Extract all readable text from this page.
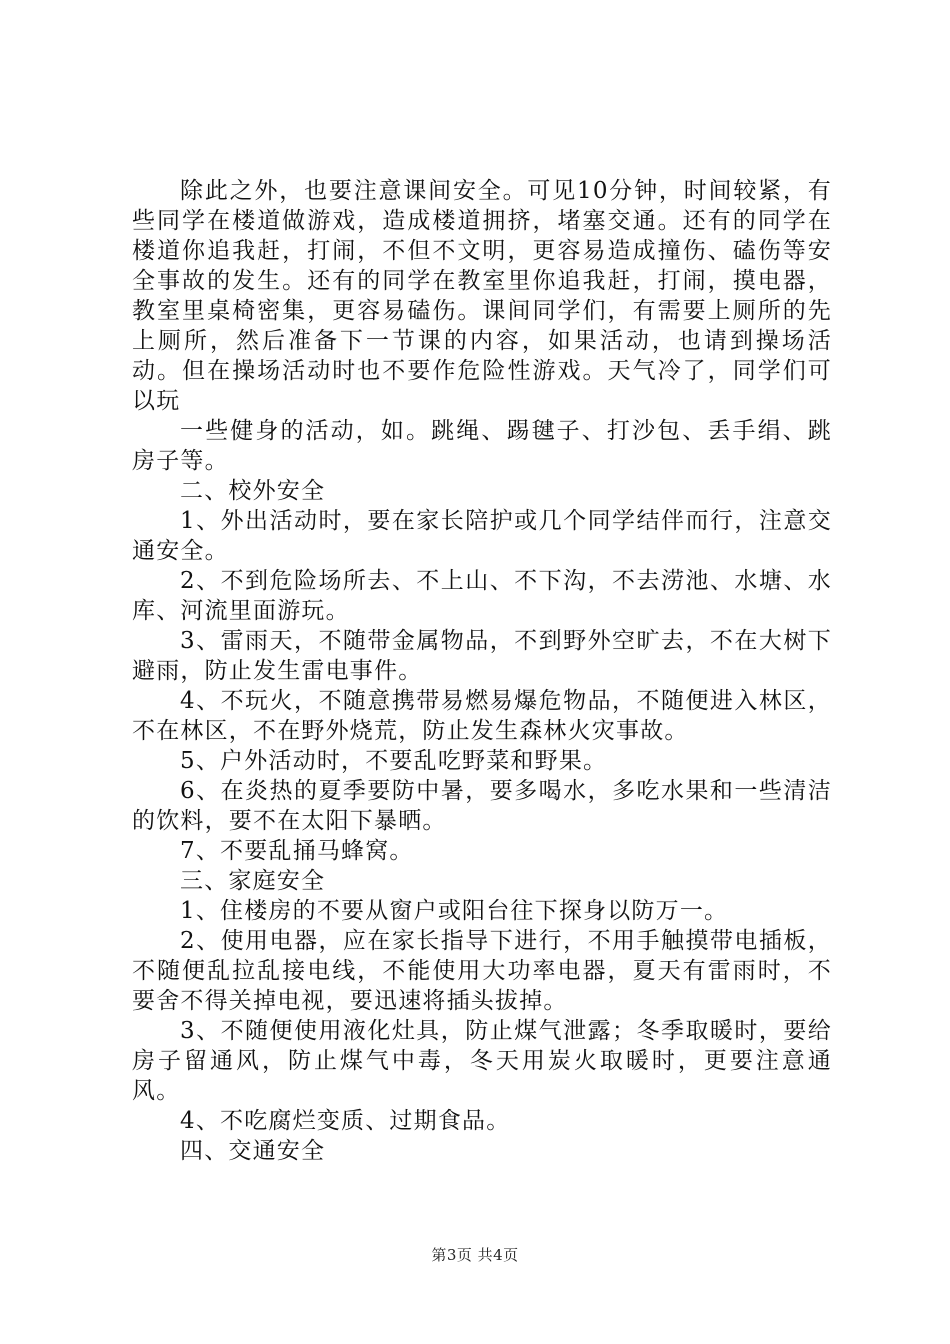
除此之外，也要注意课间安全。可见10分钟，时间较紧，有些同学在楼道做游戏，造成楼道拥挤，堵塞交通。还有的同学在楼道你追我赶，打闹，不但不文明，更容易造成撞伤、磕伤等安全事故的发生。还有的同学在教室里你追我赶，打闹，摸电器，教室里桌椅密集，更容易磕伤。课间同学们，有需要上厕所的先上厕所，然后准备下一节课的内容，如果活动，也请到操场活动。但在操场活动时也不要作危险性游戏。天气冷了，同学们可以玩

一些健身的活动，如。跳绳、踢毽子、打沙包、丢手绢、跳房子等。

二、校外安全

1、外出活动时，要在家长陪护或几个同学结伴而行，注意交通安全。

2、不到危险场所去、不上山、不下沟，不去涝池、水塘、水库、河流里面游玩。

3、雷雨天，不随带金属物品，不到野外空旷去，不在大树下避雨，防止发生雷电事件。

4、不玩火，不随意携带易燃易爆危物品，不随便进入林区，不在林区，不在野外烧荒，防止发生森林火灾事故。

5、户外活动时，不要乱吃野菜和野果。

6、在炎热的夏季要防中暑，要多喝水，多吃水果和一些清洁的饮料，要不在太阳下暴晒。

7、不要乱捅马蜂窝。

三、家庭安全

1、住楼房的不要从窗户或阳台往下探身以防万一。

2、使用电器，应在家长指导下进行，不用手触摸带电插板，不随便乱拉乱接电线，不能使用大功率电器，夏天有雷雨时，不要舍不得关掉电视，要迅速将插头拔掉。

3、不随便使用液化灶具，防止煤气泄露；冬季取暖时，要给房子留通风，防止煤气中毒，冬天用炭火取暖时，更要注意通风。

4、不吃腐烂变质、过期食品。

四、交通安全

第3页 共4页
